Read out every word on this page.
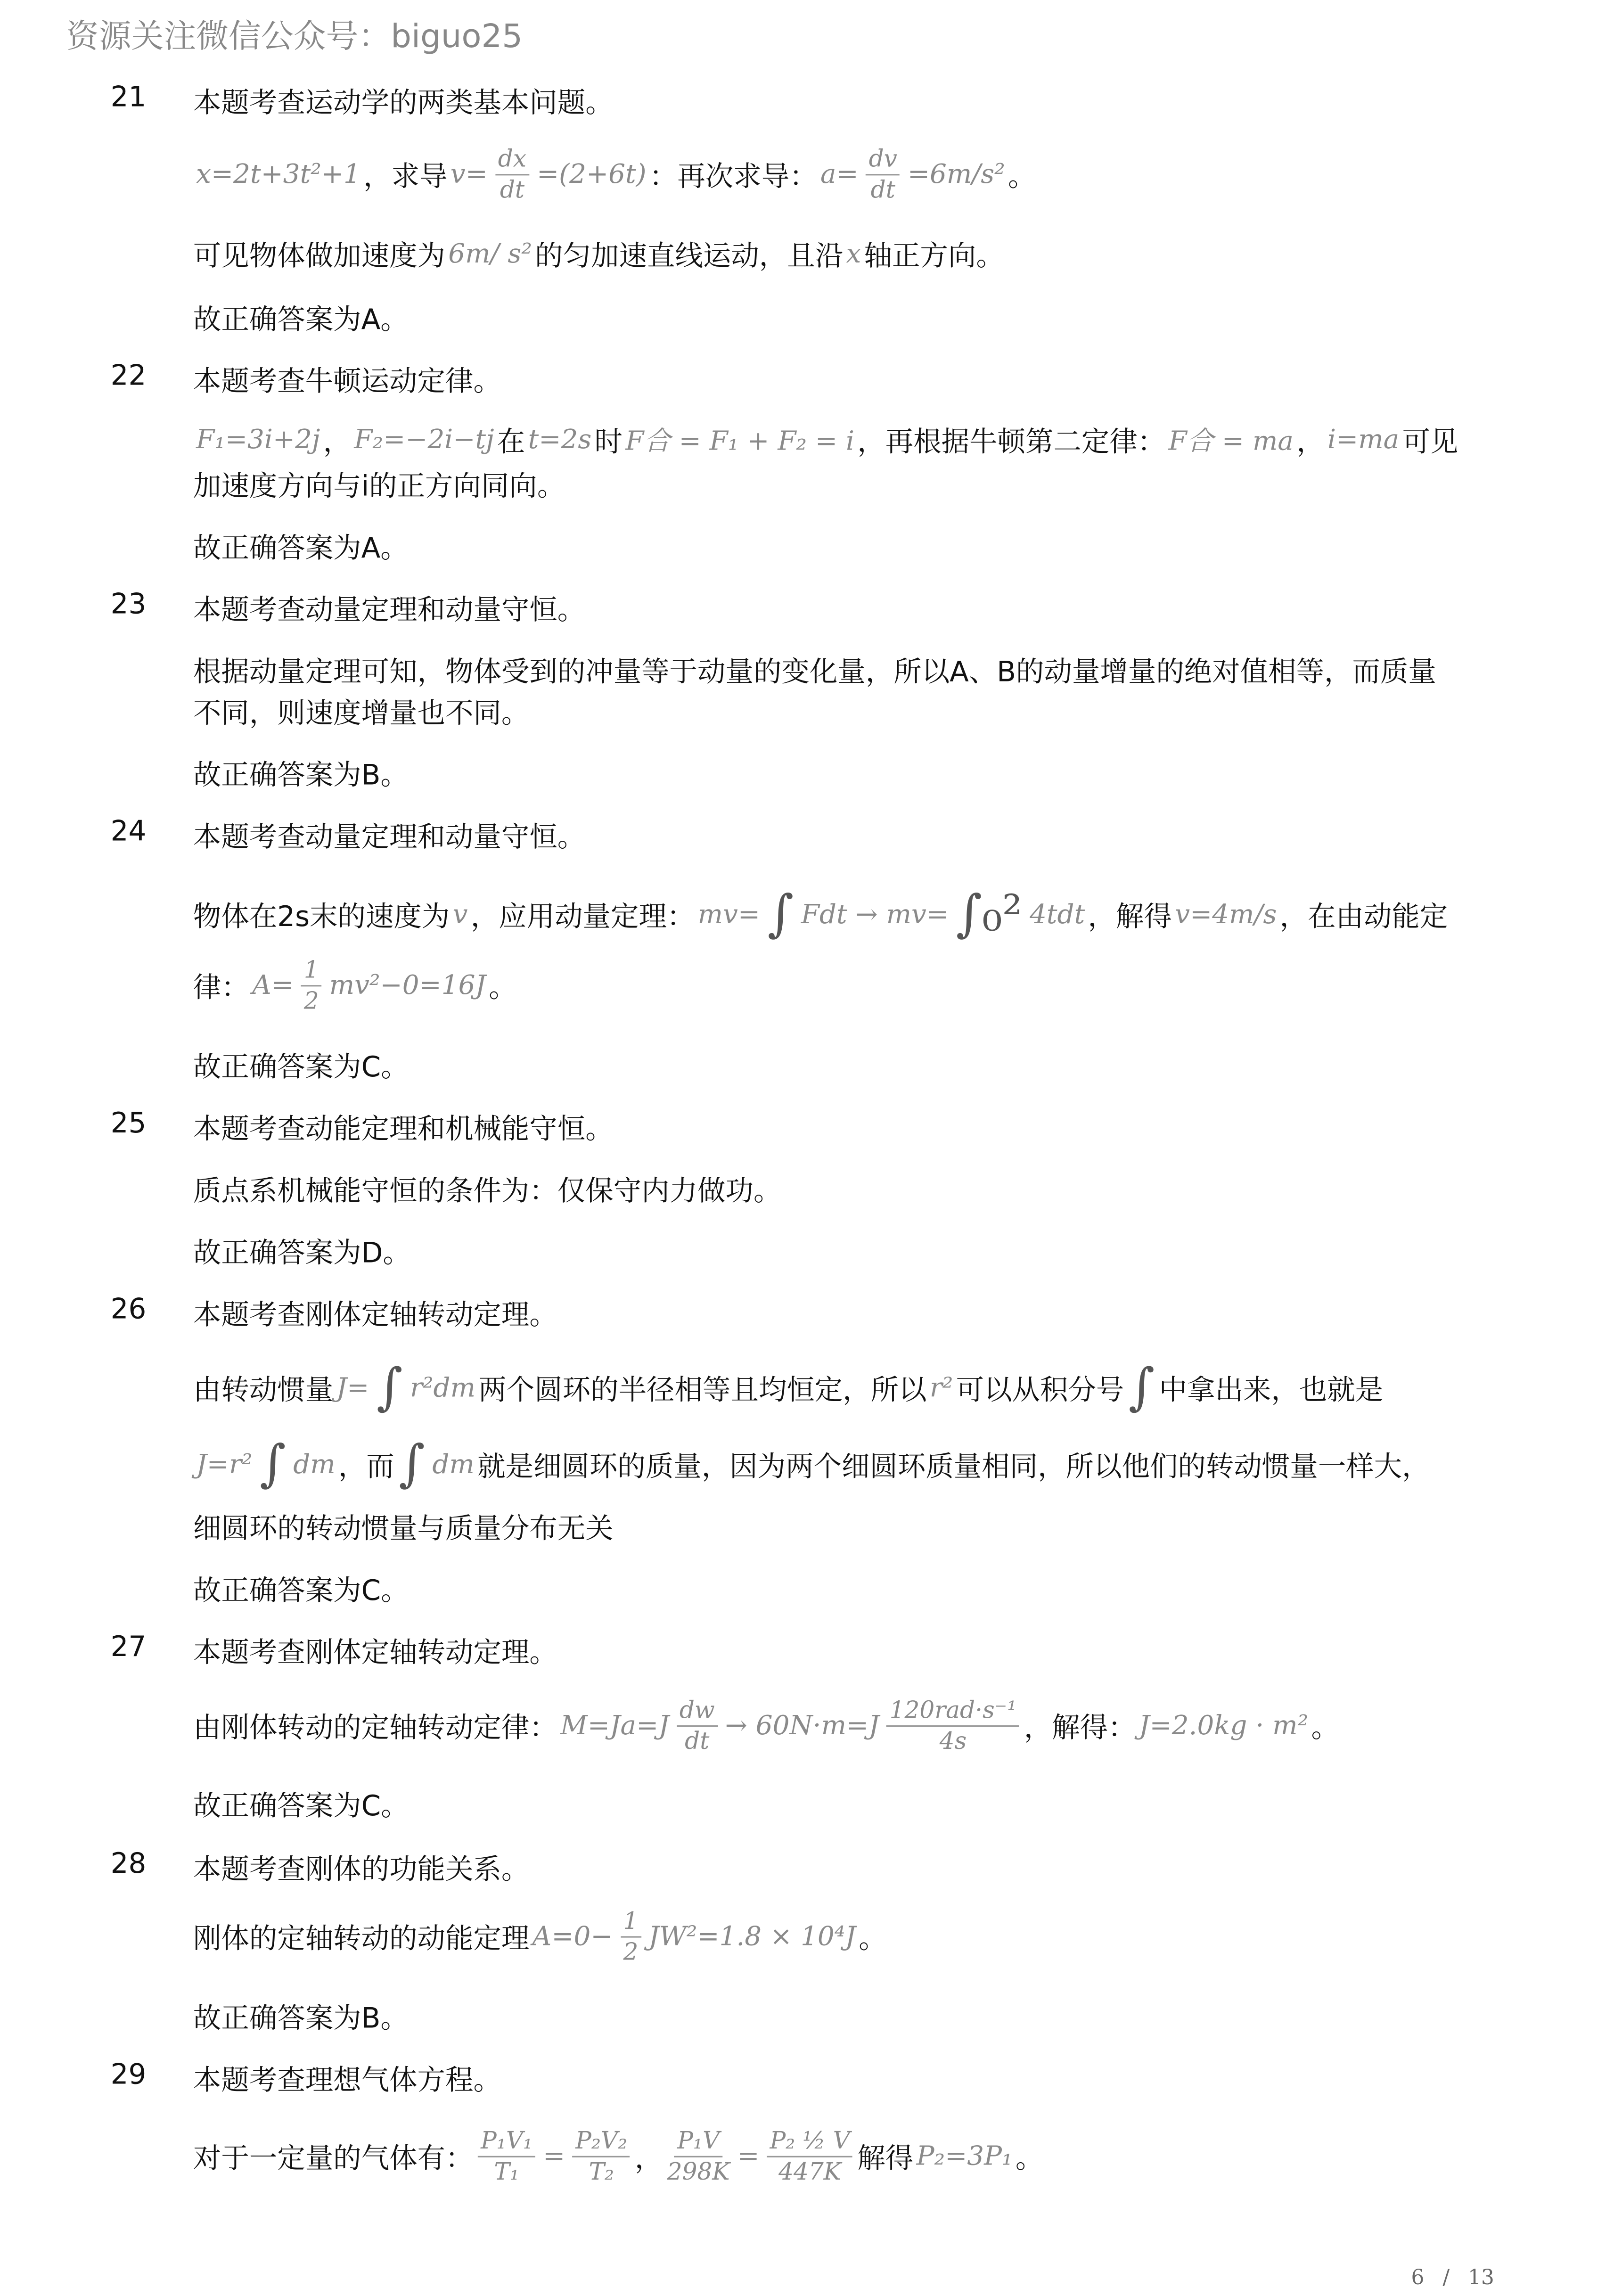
资源关注微信公众号：biguo25
21	本题考查运动学的两类基本问题。
x=2t+3t²+1 ，求导 $v= \frac{dx}{dt} =(2+6t)$ ：再次求导： $a= \frac{dv}{dt} =6m/s^2$ 。
可见物体做加速度为 6m/ s² 的匀加速直线运动，且沿 x 轴正方向。
故正确答案为A。
22	本题考查牛顿运动定律。
F₁=3i+2j ， F₂=−2i−tj 在 t=2s 时 F合 = F₁ + F₂ = i ，再根据牛顿第二定律： F合 = ma ， i=ma 可见
加速度方向与i的正方向同向。
故正确答案为A。
23	本题考查动量定理和动量守恒。
根据动量定理可知，物体受到的冲量等于动量的变化量，所以A、B的动量增量的绝对值相等，而质量
不同，则速度增量也不同。
故正确答案为B。
24	本题考查动量定理和动量守恒。
物体在2s末的速度为 v ，应用动量定理： mv= ∫ Fdt → mv= ∫₀² 4tdt ，解得 v=4m/s ，在由动能定
律： $A= \frac{1}{2} mv^2-0=16J$ 。
故正确答案为C。
25	本题考查动能定理和机械能守恒。
质点系机械能守恒的条件为：仅保守内力做功。
故正确答案为D。
26	本题考查刚体定轴转动定理。
由转动惯量 J= ∫ r²dm 两个圆环的半径相等且均恒定，所以 r² 可以从积分号 ∫ 中拿出来，也就是
J=r² ∫ dm ，而 ∫ dm 就是细圆环的质量，因为两个细圆环质量相同，所以他们的转动惯量一样大，
细圆环的转动惯量与质量分布无关
故正确答案为C。
27	本题考查刚体定轴转动定理。
由刚体转动的定轴转动定律： $M=Ja=J \frac{dw}{dt} \to 60N\cdot m=J \frac{\text{120rad·s⁻¹}}{4s}$ ，解得： J=2.0kg · m² 。
故正确答案为C。
28	本题考查刚体的功能关系。
刚体的定轴转动的动能定理 $A=0- \frac{1}{2} JW^2=1.8 \times 10^4J$ 。
故正确答案为B。
29	本题考查理想气体方程。
对于一定量的气体有： $\frac{\text{P₁V₁}}{\text{T₁}} = \frac{\text{P₂V₂}}{\text{T₂}}$ ， $\frac{\text{P₁V}}{298K} = \frac{\text{P₂ ½ V}}{447K}$ 解得 P₂=3P₁ 。
6	/	13
